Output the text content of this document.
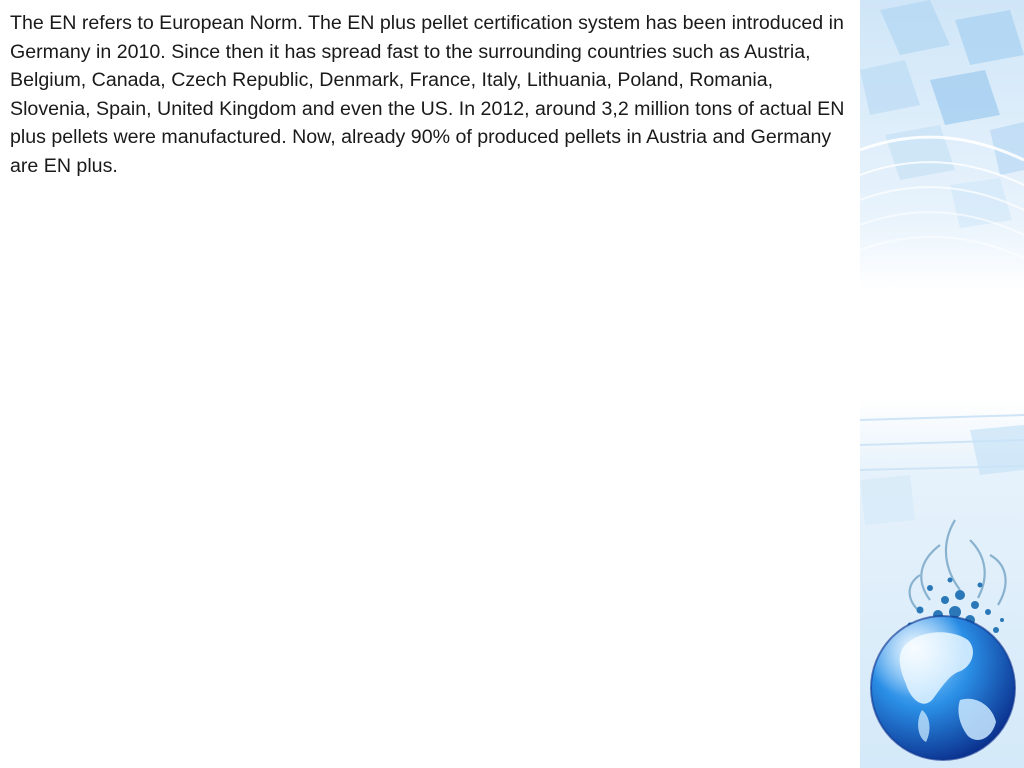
The EN refers to European Norm. The EN plus pellet certification system has been introduced in Germany in 2010. Since then it has spread fast to the surrounding countries such as Austria, Belgium, Canada, Czech Republic, Denmark, France, Italy, Lithuania, Poland, Romania, Slovenia, Spain, United Kingdom and even the US. In 2012, around 3,2 million tons of actual EN plus pellets were manufactured. Now, already 90% of produced pellets in Austria and Germany are EN plus.
